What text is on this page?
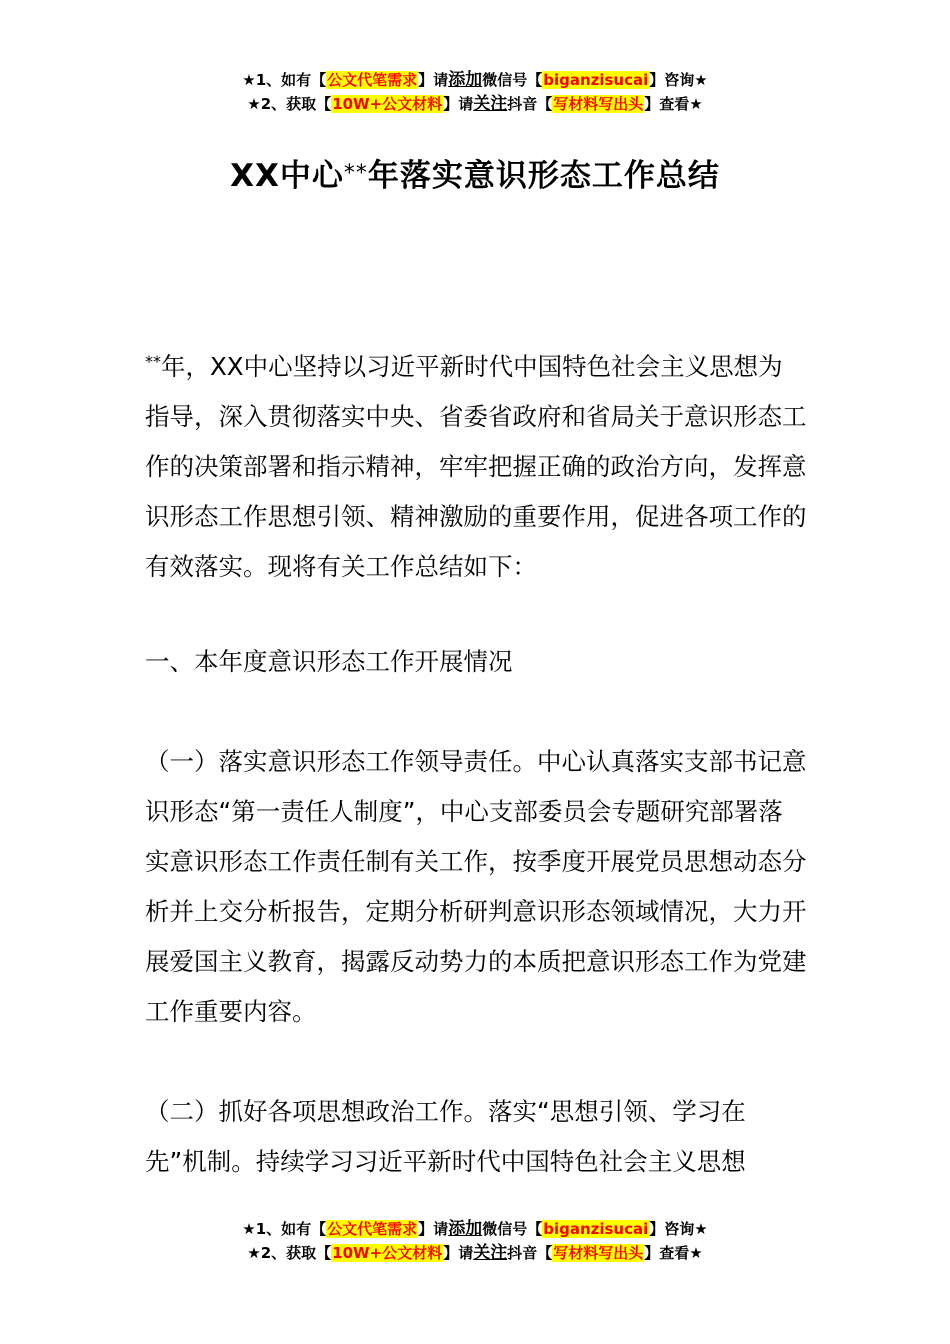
★1、如有【公文代笔需求】请添加微信号【biganzisucai】咨询★
★2、获取【10W+公文材料】请关注抖音【写材料写出头】查看★
XX中心**年落实意识形态工作总结

**年，XX中心坚持以习近平新时代中国特色社会主义思想为指导，深入贯彻落实中央、省委省政府和省局关于意识形态工作的决策部署和指示精神，牢牢把握正确的政治方向，发挥意识形态工作思想引领、精神激励的重要作用，促进各项工作的有效落实。现将有关工作总结如下：

一、本年度意识形态工作开展情况

（一）落实意识形态工作领导责任。中心认真落实支部书记意识形态“第一责任人制度”，中心支部委员会专题研究部署落实意识形态工作责任制有关工作，按季度开展党员思想动态分析并上交分析报告，定期分析研判意识形态领域情况，大力开展爱国主义教育，揭露反动势力的本质把意识形态工作为党建工作重要内容。

（二）抓好各项思想政治工作。落实“思想引领、学习在先”机制。持续学习习近平新时代中国特色社会主义思想

★1、如有【公文代笔需求】请添加微信号【biganzisucai】咨询★
★2、获取【10W+公文材料】请关注抖音【写材料写出头】查看★
